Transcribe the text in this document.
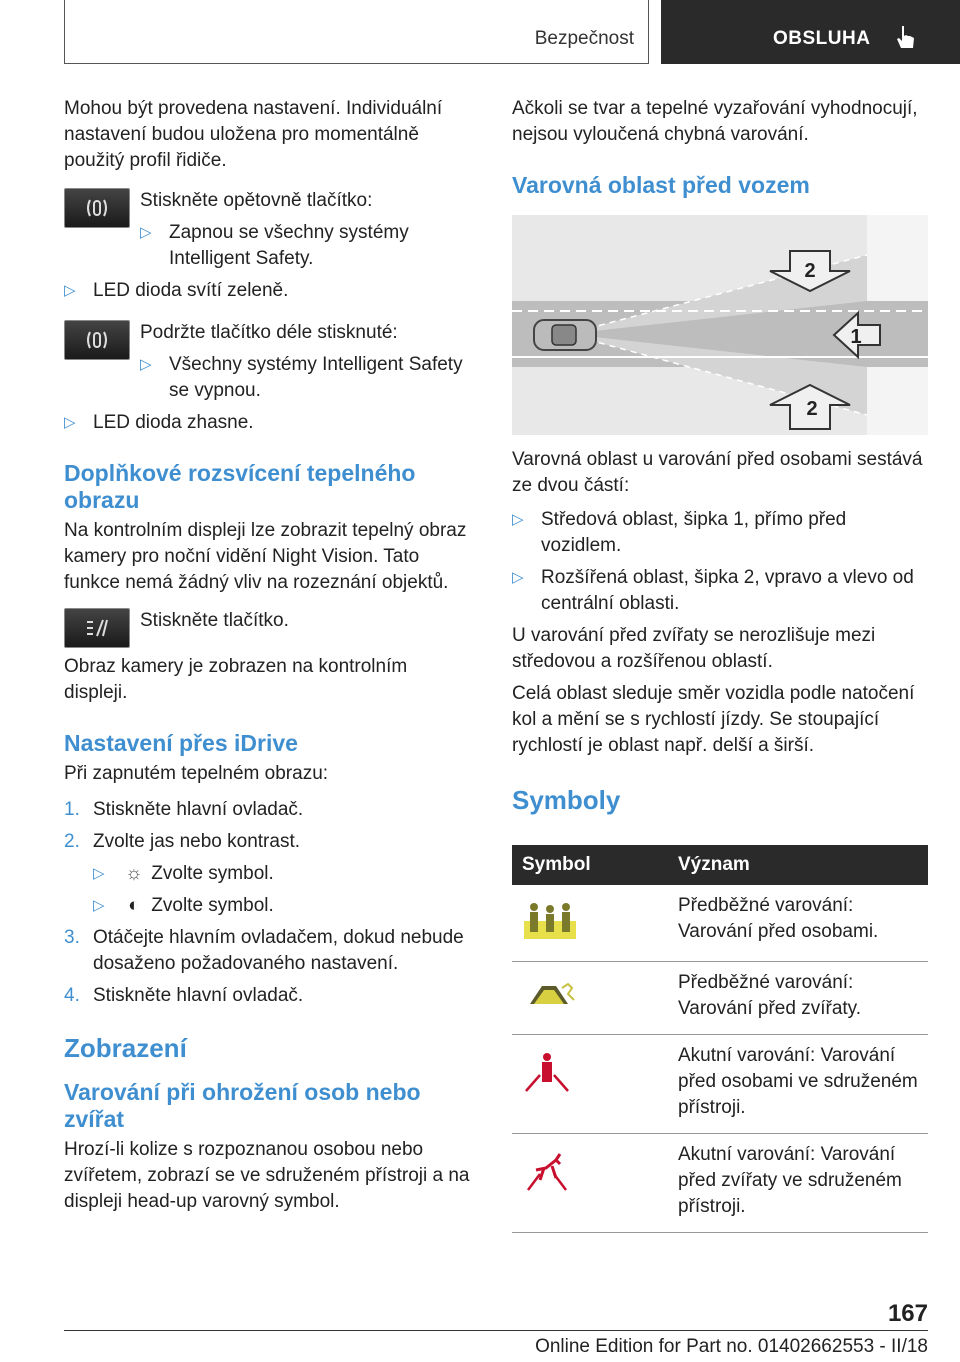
Bezpečnost	OBSLUHA

Mohou být provedena nastavení. Individuální nastavení budou uložena pro momentálně použitý profil řidiče.

Stiskněte opětovně tlačítko:

▷ Zapnou se všechny systémy Intelligent Safety.
▷ LED dioda svítí zeleně.

Podržte tlačítko déle stisknuté:

▷ Všechny systémy Intelligent Safety se vypnou.
▷ LED dioda zhasne.
Doplňkové rozsvícení tepelného obrazu

Na kontrolním displeji lze zobrazit tepelný obraz kamery pro noční vidění Night Vision. Tato funkce nemá žádný vliv na rozeznání objektů.

Stiskněte tlačítko.

Obraz kamery je zobrazen na kontrolním displeji.

Nastavení přes iDrive

Při zapnutém tepelném obrazu:

1. Stiskněte hlavní ovladač.
2. Zvolte jas nebo kontrast.
▷ ☼ Zvolte symbol.
▷ ◐ Zvolte symbol.
3. Otáčejte hlavním ovladačem, dokud nebude dosaženo požadovaného nastavení.
4. Stiskněte hlavní ovladač.
Zobrazení
Varování při ohrožení osob nebo zvířat

Hrozí-li kolize s rozpoznanou osobou nebo zvířetem, zobrazí se ve sdruženém přístroji a na displeji head-up varovný symbol.

Ačkoli se tvar a tepelné vyzařování vyhodnocují, nejsou vyloučená chybná varování.

Varovná oblast před vozem
2
1
2

Varovná oblast u varování před osobami sestává ze dvou částí:

▷ Středová oblast, šipka 1, přímo před vozidlem.
▷ Rozšířená oblast, šipka 2, vpravo a vlevo od centrální oblasti.

U varování před zvířaty se nerozlišuje mezi středovou a rozšířenou oblastí.

Celá oblast sleduje směr vozidla podle natočení kol a mění se s rychlostí jízdy. Se stoupající rychlostí je oblast např. delší a širší.

Symboly
Symbol	Význam
	Předběžné varování: Varování před osobami.
	Předběžné varování: Varování před zvířaty.
	Akutní varování: Varování před osobami ve sdruženém přístroji.
	Akutní varování: Varování před zvířaty ve sdruženém přístroji.
167
Online Edition for Part no. 01402662553 - II/18
